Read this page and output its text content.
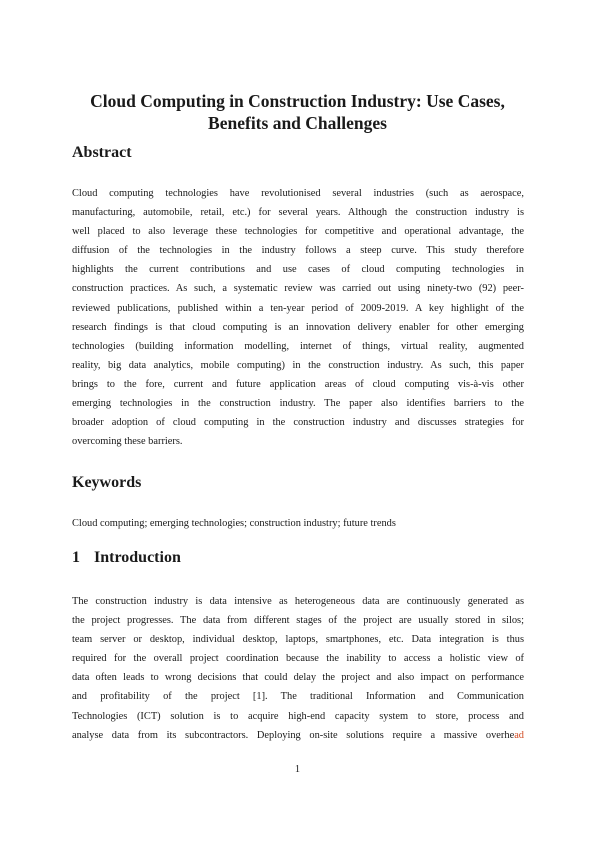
Cloud Computing in Construction Industry: Use Cases,
Benefits and Challenges
Abstract
Cloud computing technologies have revolutionised several industries (such as aerospace,
manufacturing, automobile, retail, etc.) for several years. Although the construction industry is
well placed to also leverage these technologies for competitive and operational advantage, the
diffusion of the technologies in the industry follows a steep curve. This study therefore
highlights the current contributions and use cases of cloud computing technologies in
construction practices. As such, a systematic review was carried out using ninety-two (92) peer-
reviewed publications, published within a ten-year period of 2009-2019. A key highlight of the
research findings is that cloud computing is an innovation delivery enabler for other emerging
technologies (building information modelling, internet of things, virtual reality, augmented
reality, big data analytics, mobile computing) in the construction industry. As such, this paper
brings to the fore, current and future application areas of cloud computing vis-à-vis other
emerging technologies in the construction industry. The paper also identifies barriers to the
broader adoption of cloud computing in the construction industry and discusses strategies for
overcoming these barriers.
Keywords
Cloud computing; emerging technologies; construction industry; future trends
1 Introduction
The construction industry is data intensive as heterogeneous data are continuously generated as
the project progresses. The data from different stages of the project are usually stored in silos;
team server or desktop, individual desktop, laptops, smartphones, etc. Data integration is thus
required for the overall project coordination because the inability to access a holistic view of
data often leads to wrong decisions that could delay the project and also impact on performance
and profitability of the project [1]. The traditional Information and Communication
Technologies (ICT) solution is to acquire high-end capacity system to store, process and
analyse data from its subcontractors. Deploying on-site solutions require a massive overhead
1
